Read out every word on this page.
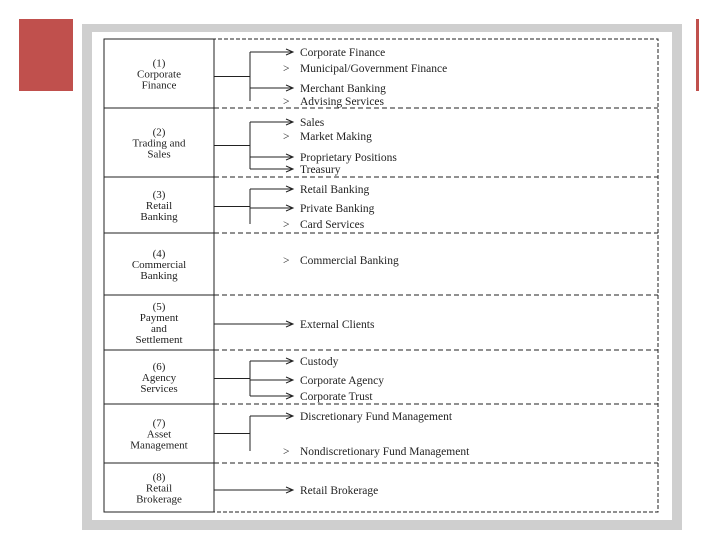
(1)
Corporate
Finance
Corporate Finance
> Municipal/Government Finance
Merchant Banking
> Advising Services
(2)
Trading and
Sales
Sales
> Market Making
Proprietary Positions
Treasury
(3)
Retail
Banking
Retail Banking
Private Banking
> Card Services
(4)
Commercial
Banking
> Commercial Banking
(5)
Payment
and
Settlement
External Clients
(6)
Agency
Services
Custody
Corporate Agency
Corporate Trust
(7)
Asset
Management
Discretionary Fund Management
> Nondiscretionary Fund Management
(8)
Retail
Brokerage
Retail Brokerage
